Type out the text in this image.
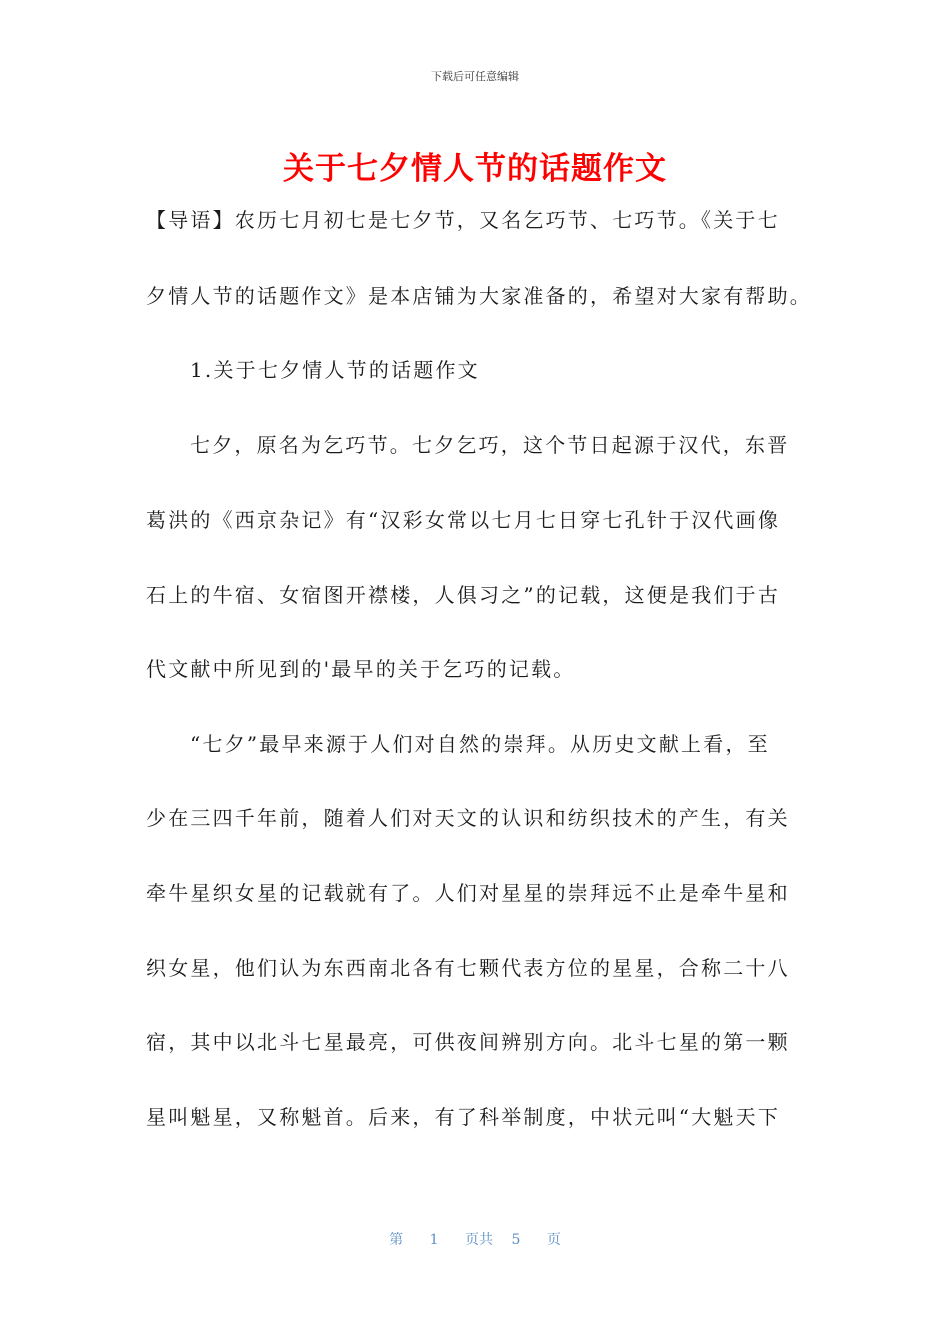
下载后可任意编辑
关于七夕情人节的话题作文
【导语】农历七月初七是七夕节，又名乞巧节、七巧节。《关于七
夕情人节的话题作文》是本店铺为大家准备的，希望对大家有帮助。
1.关于七夕情人节的话题作文
七夕，原名为乞巧节。七夕乞巧，这个节日起源于汉代，东晋
葛洪的《西京杂记》有“汉彩女常以七月七日穿七孔针于汉代画像
石上的牛宿、女宿图开襟楼，人俱习之”的记载，这便是我们于古
代文献中所见到的'最早的关于乞巧的记载。
“七夕”最早来源于人们对自然的崇拜。从历史文献上看，至
少在三四千年前，随着人们对天文的认识和纺织技术的产生，有关
牵牛星织女星的记载就有了。人们对星星的崇拜远不止是牵牛星和
织女星，他们认为东西南北各有七颗代表方位的星星，合称二十八
宿，其中以北斗七星最亮，可供夜间辨别方向。北斗七星的第一颗
星叫魁星，又称魁首。后来，有了科举制度，中状元叫“大魁天下
第 1 页共 5 页
